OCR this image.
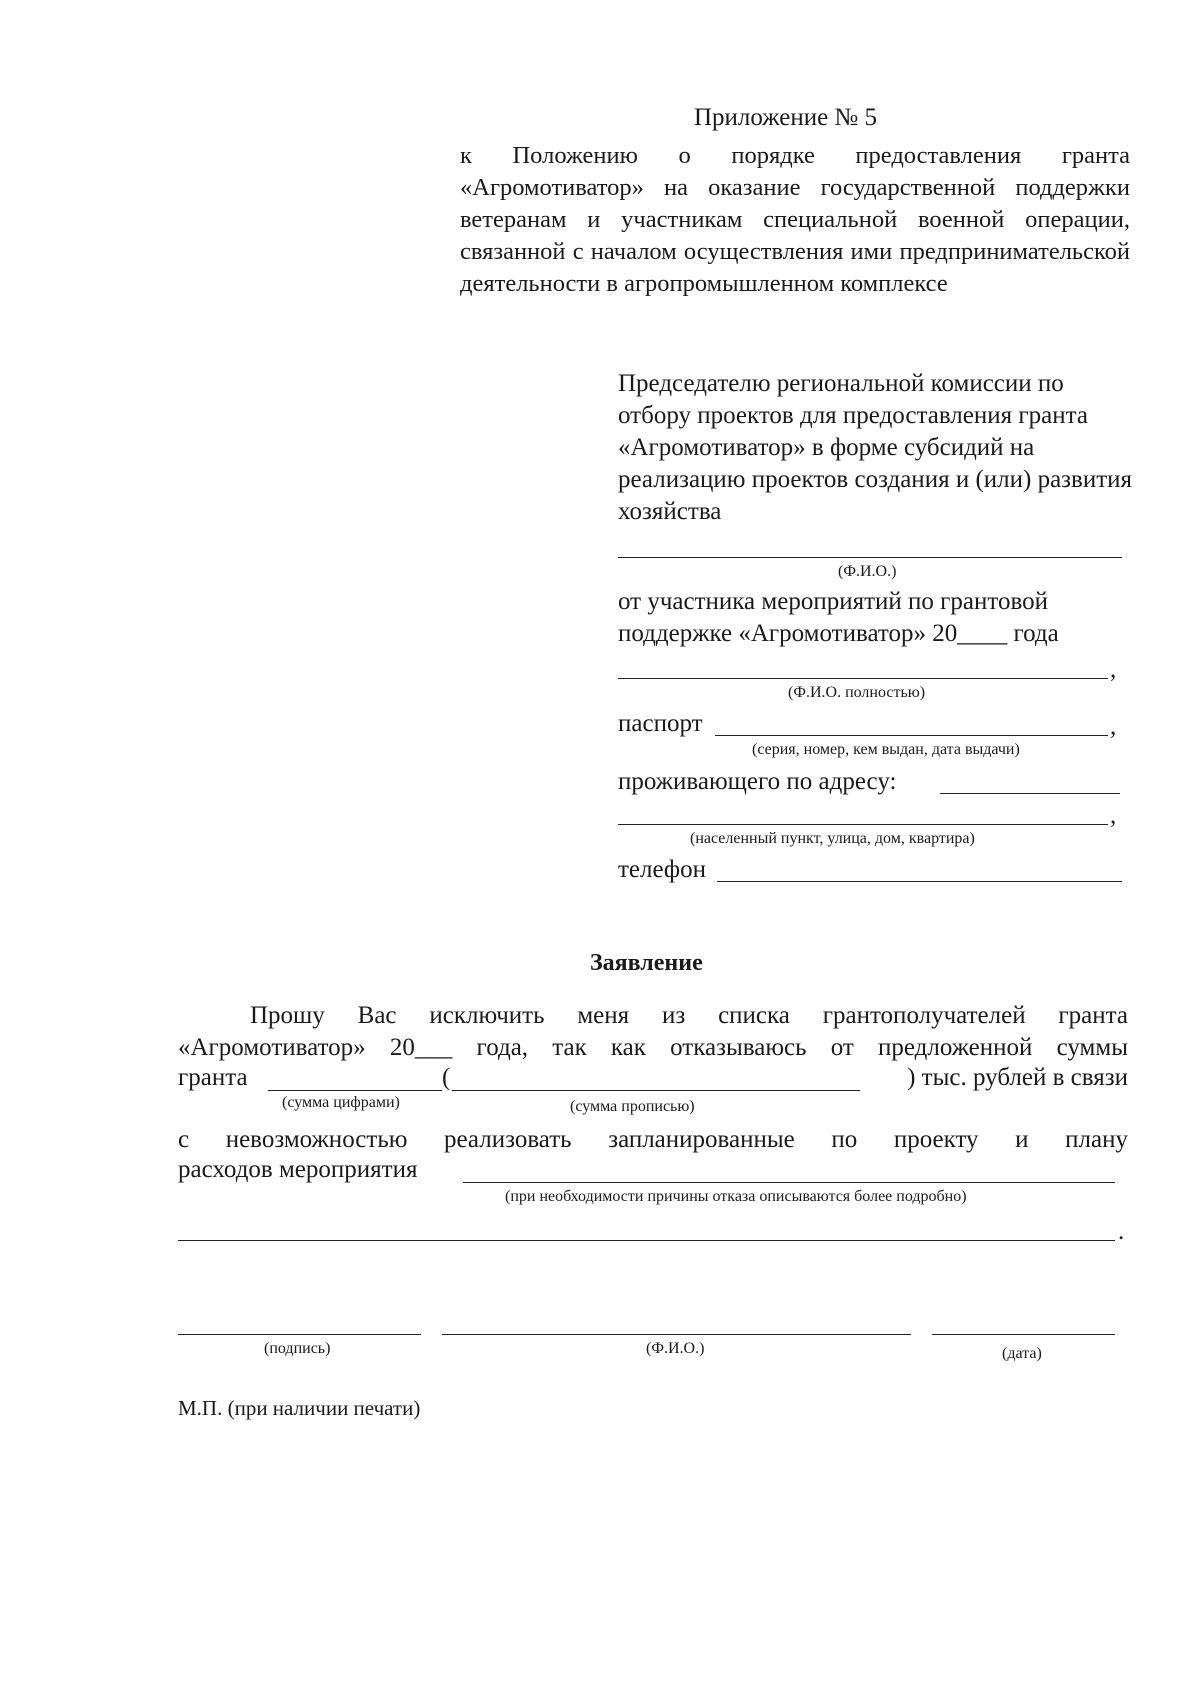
Приложение № 5
к Положению о порядке предоставления гранта «Агромотиватор» на оказание государственной поддержки ветеранам и участникам специальной военной операции, связанной с началом осуществления ими предпринимательской деятельности в агропромышленном комплексе
Председателю региональной комиссии по отбору проектов для предоставления гранта «Агромотиватор» в форме субсидий на реализацию проектов создания и (или) развития хозяйства
(Ф.И.О.)
от участника мероприятий по грантовой
поддержке «Агромотиватор» 20____ года
,
(Ф.И.О. полностью)
паспорт	,
(серия, номер, кем выдан, дата выдачи)
проживающего по адресу:
,
(населенный пункт, улица, дом, квартира)
телефон
Заявление
Прошу Вас исключить меня из списка грантополучателей гранта
«Агромотиватор» 20___ года, так как отказываюсь от предложенной суммы
гранта	(	) тыс. рублей в связи
(сумма цифрами)	(сумма прописью)
с невозможностью реализовать запланированные по проекту и плану
расходов мероприятия
(при необходимости причины отказа описываются более подробно)
.
(подпись)	(Ф.И.О.)	(дата)
М.П. (при наличии печати)
